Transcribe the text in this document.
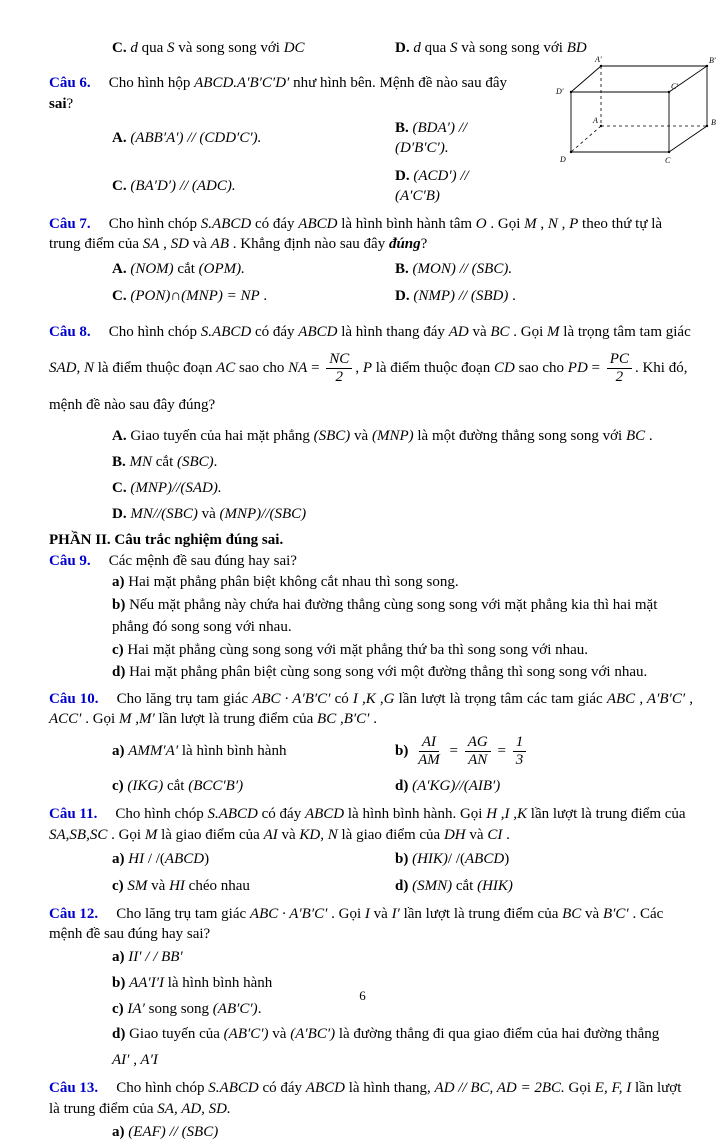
C. d qua S và song song với DC	D. d qua S và song song với BD

Câu 6. Cho hình hộp ABCD.A′B′C′D′ như hình bên. Mệnh đề nào sau đây sai?

A. (ABB′A′) // (CDD′C′).
B. (BDA′) // (D′B′C′).
C. (BA′D′) // (ADC).
D. (ACD′) // (A′C′B)
A′	B′
C′
D′
A	B
C
D

Câu 7. Cho hình chóp S.ABCD có đáy ABCD là hình bình hành tâm O . Gọi M , N , P theo thứ tự là trung điểm của SA , SD và AB . Khẳng định nào sau đây đúng?

A. (NOM) cắt (OPM).	B. (MON) // (SBC).
C. (PON)∩(MNP) = NP .	D. (NMP) // (SBD) .

Câu 8. Cho hình chóp S.ABCD có đáy ABCD là hình thang đáy AD và BC . Gọi M là trọng tâm tam giác SAD, N là điểm thuộc đoạn AC sao cho NA = $\frac{NC}{2}$ , P là điểm thuộc đoạn CD sao cho PD = $\frac{PC}{2}$ . Khi đó, mệnh đề nào sau đây đúng?

A. Giao tuyến của hai mặt phẳng (SBC) và (MNP) là một đường thẳng song song với BC .
B. MN cắt (SBC).
C. (MNP)//(SAD).
D. MN//(SBC) và (MNP)//(SBC)

PHẦN II. Câu trắc nghiệm đúng sai.

Câu 9. Các mệnh đề sau đúng hay sai?

a) Hai mặt phẳng phân biệt không cắt nhau thì song song.
b) Nếu mặt phẳng này chứa hai đường thẳng cùng song song với mặt phẳng kia thì hai mặt phẳng đó song song với nhau.
c) Hai mặt phẳng cùng song song với mặt phẳng thứ ba thì song song với nhau.
d) Hai mặt phẳng phân biệt cùng song song với một đường thẳng thì song song với nhau.

Câu 10. Cho lăng trụ tam giác ABC · A′B′C′ có I ,K ,G lần lượt là trọng tâm các tam giác ABC , A′B′C′ , ACC′ . Gọi M ,M′ lần lượt là trung điểm của BC ,B′C′ .

a) AMM′A′ là hình bình hành	$b) \frac{AI}{AM} = \frac{AG}{AN} = \frac{1}{3}$
c) (IKG) cắt (BCC′B′)	d) (A′KG)//(AIB′)

Câu 11. Cho hình chóp S.ABCD có đáy ABCD là hình bình hành. Gọi H ,I ,K lần lượt là trung điểm của SA,SB,SC . Gọi M là giao điểm của AI và KD, N là giao điểm của DH và CI .

a) HI / /(ABCD)	b) (HIK)/ /(ABCD)
c) SM và HI chéo nhau	d) (SMN) cắt (HIK)

Câu 12. Cho lăng trụ tam giác ABC · A′B′C′ . Gọi I và I′ lần lượt là trung điểm của BC và B′C′ . Các mệnh đề sau đúng hay sai?

a) II′ / / BB′
b) AA′I′I là hình bình hành
c) IA′ song song (AB′C′).
d) Giao tuyến của (AB′C′) và (A′BC′) là đường thẳng đi qua giao điểm của hai đường thẳng
AI′ , A′I

Câu 13. Cho hình chóp S.ABCD có đáy ABCD là hình thang, AD // BC, AD = 2BC. Gọi E, F, I lần lượt là trung điểm của SA, AD, SD.

a) (EAF) // (SBC)
6
